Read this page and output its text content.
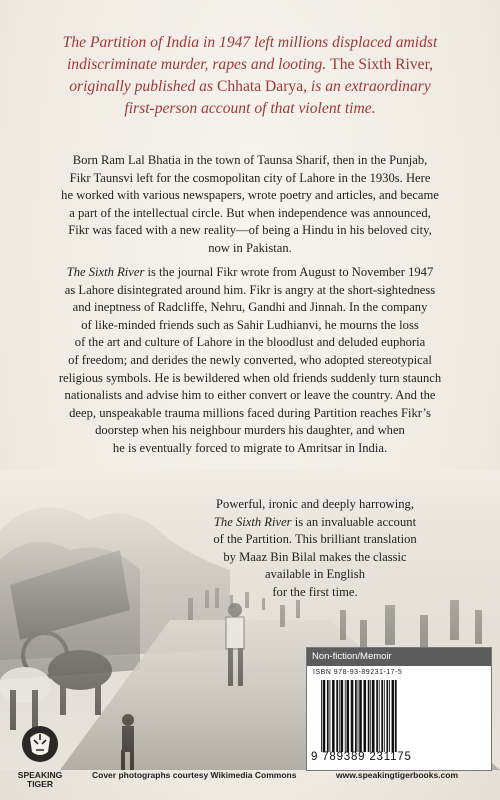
The Partition of India in 1947 left millions displaced amidst
indiscriminate murder, rapes and looting. The Sixth River,
originally published as Chhata Darya, is an extraordinary
first-person account of that violent time.
Born Ram Lal Bhatia in the town of Taunsa Sharif, then in the Punjab,
Fikr Taunsvi left for the cosmopolitan city of Lahore in the 1930s. Here
he worked with various newspapers, wrote poetry and articles, and became
a part of the intellectual circle. But when independence was announced,
Fikr was faced with a new reality—of being a Hindu in his beloved city,
now in Pakistan.
The Sixth River is the journal Fikr wrote from August to November 1947
as Lahore disintegrated around him. Fikr is angry at the short-sightedness
and ineptness of Radcliffe, Nehru, Gandhi and Jinnah. In the company
of like-minded friends such as Sahir Ludhianvi, he mourns the loss
of the art and culture of Lahore in the bloodlust and deluded euphoria
of freedom; and derides the newly converted, who adopted stereotypical
religious symbols. He is bewildered when old friends suddenly turn staunch
nationalists and advise him to either convert or leave the country. And the
deep, unspeakable trauma millions faced during Partition reaches Fikr’s
doorstep when his neighbour murders his daughter, and when
he is eventually forced to migrate to Amritsar in India.
Powerful, ironic and deeply harrowing,
The Sixth River is an invaluable account
of the Partition. This brilliant translation
by Maaz Bin Bilal makes the classic
available in English
for the first time.
Non-fiction/Memoir
ISBN 978-93-89231-17-5
9 789389 231175
SPEAKING
TIGER
Cover photographs courtesy Wikimedia Commons	www.speakingtigerbooks.com
